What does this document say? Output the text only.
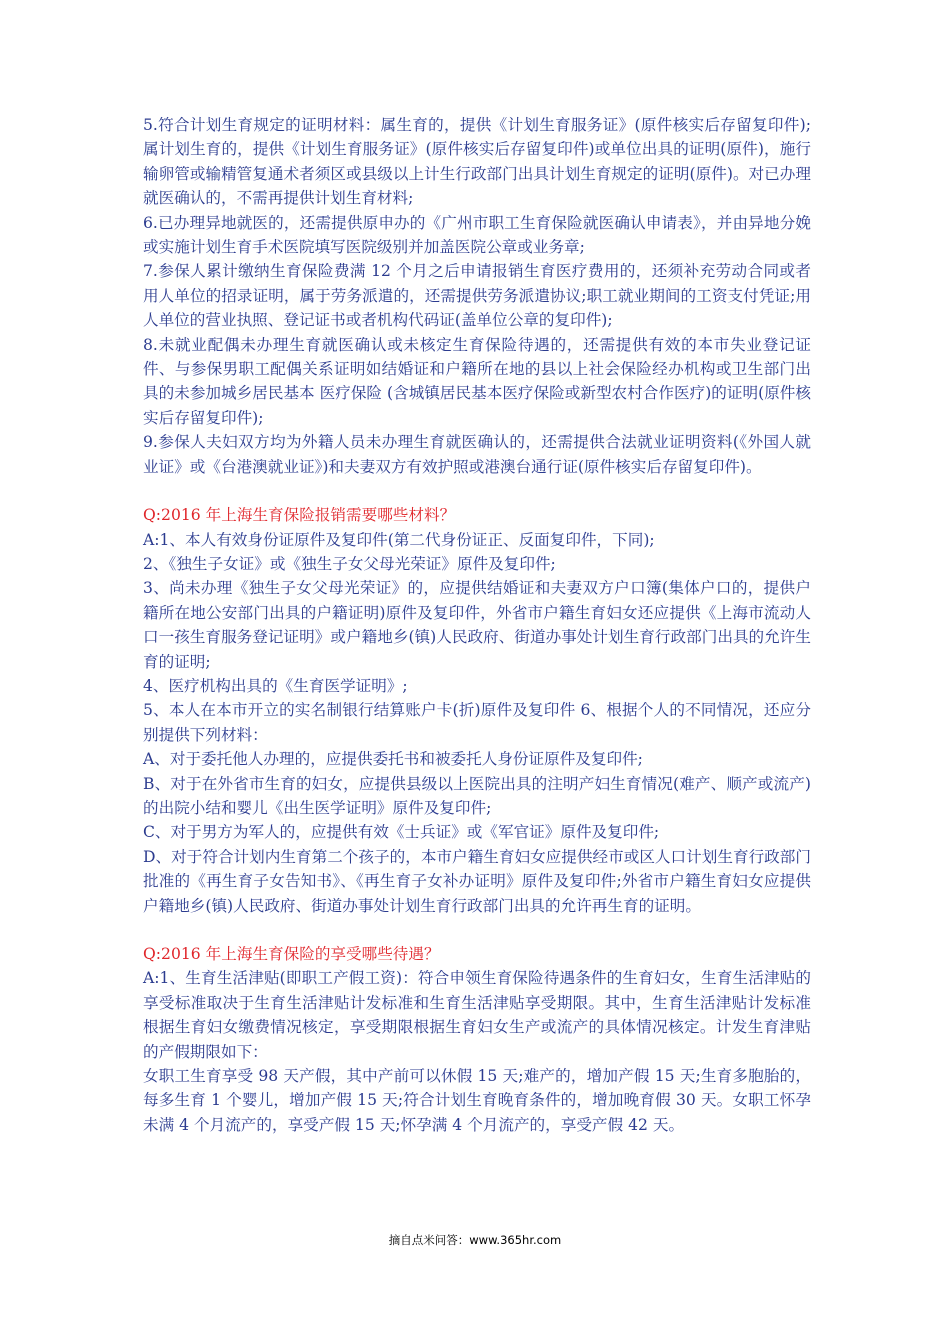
5.符合计划生育规定的证明材料：属生育的，提供《计划生育服务证》(原件核实后存留复印件);属计划生育的，提供《计划生育服务证》(原件核实后存留复印件)或单位出具的证明(原件)，施行输卵管或输精管复通术者须区或县级以上计生行政部门出具计划生育规定的证明(原件)。对已办理就医确认的，不需再提供计划生育材料;

6.已办理异地就医的，还需提供原申办的《广州市职工生育保险就医确认申请表》，并由异地分娩或实施计划生育手术医院填写医院级别并加盖医院公章或业务章;

7.参保人累计缴纳生育保险费满 12 个月之后申请报销生育医疗费用的，还须补充劳动合同或者用人单位的招录证明，属于劳务派遣的，还需提供劳务派遣协议;职工就业期间的工资支付凭证;用人单位的营业执照、登记证书或者机构代码证(盖单位公章的复印件);

8.未就业配偶未办理生育就医确认或未核定生育保险待遇的，还需提供有效的本市失业登记证件、与参保男职工配偶关系证明如结婚证和户籍所在地的县以上社会保险经办机构或卫生部门出具的未参加城乡居民基本 医疗保险 (含城镇居民基本医疗保险或新型农村合作医疗)的证明(原件核实后存留复印件);

9.参保人夫妇双方均为外籍人员未办理生育就医确认的，还需提供合法就业证明资料(《外国人就业证》或《台港澳就业证》)和夫妻双方有效护照或港澳台通行证(原件核实后存留复印件)。

Q:2016 年上海生育保险报销需要哪些材料？

A:1、本人有效身份证原件及复印件(第二代身份证正、反面复印件，下同);

2、《独生子女证》或《独生子女父母光荣证》原件及复印件;

3、尚未办理《独生子女父母光荣证》的，应提供结婚证和夫妻双方户口簿(集体户口的，提供户籍所在地公安部门出具的户籍证明)原件及复印件，外省市户籍生育妇女还应提供《上海市流动人口一孩生育服务登记证明》或户籍地乡(镇)人民政府、街道办事处计划生育行政部门出具的允许生育的证明;

4、医疗机构出具的《生育医学证明》;

5、本人在本市开立的实名制银行结算账户卡(折)原件及复印件 6、根据个人的不同情况，还应分别提供下列材料：

A、对于委托他人办理的，应提供委托书和被委托人身份证原件及复印件;

B、对于在外省市生育的妇女，应提供县级以上医院出具的注明产妇生育情况(难产、顺产或流产)的出院小结和婴儿《出生医学证明》原件及复印件;

C、对于男方为军人的，应提供有效《士兵证》或《军官证》原件及复印件;

D、对于符合计划内生育第二个孩子的，本市户籍生育妇女应提供经市或区人口计划生育行政部门批准的《再生育子女告知书》、《再生育子女补办证明》原件及复印件;外省市户籍生育妇女应提供户籍地乡(镇)人民政府、街道办事处计划生育行政部门出具的允许再生育的证明。

Q:2016 年上海生育保险的享受哪些待遇？

A:1、生育生活津贴(即职工产假工资)：符合申领生育保险待遇条件的生育妇女，生育生活津贴的享受标准取决于生育生活津贴计发标准和生育生活津贴享受期限。其中，生育生活津贴计发标准根据生育妇女缴费情况核定，享受期限根据生育妇女生产或流产的具体情况核定。计发生育津贴的产假期限如下：

女职工生育享受 98 天产假，其中产前可以休假 15 天;难产的，增加产假 15 天;生育多胞胎的，每多生育 1 个婴儿，增加产假 15 天;符合计划生育晚育条件的，增加晚育假 30 天。女职工怀孕未满 4 个月流产的，享受产假 15 天;怀孕满 4 个月流产的，享受产假 42 天。

摘自点米问答：www.365hr.com
